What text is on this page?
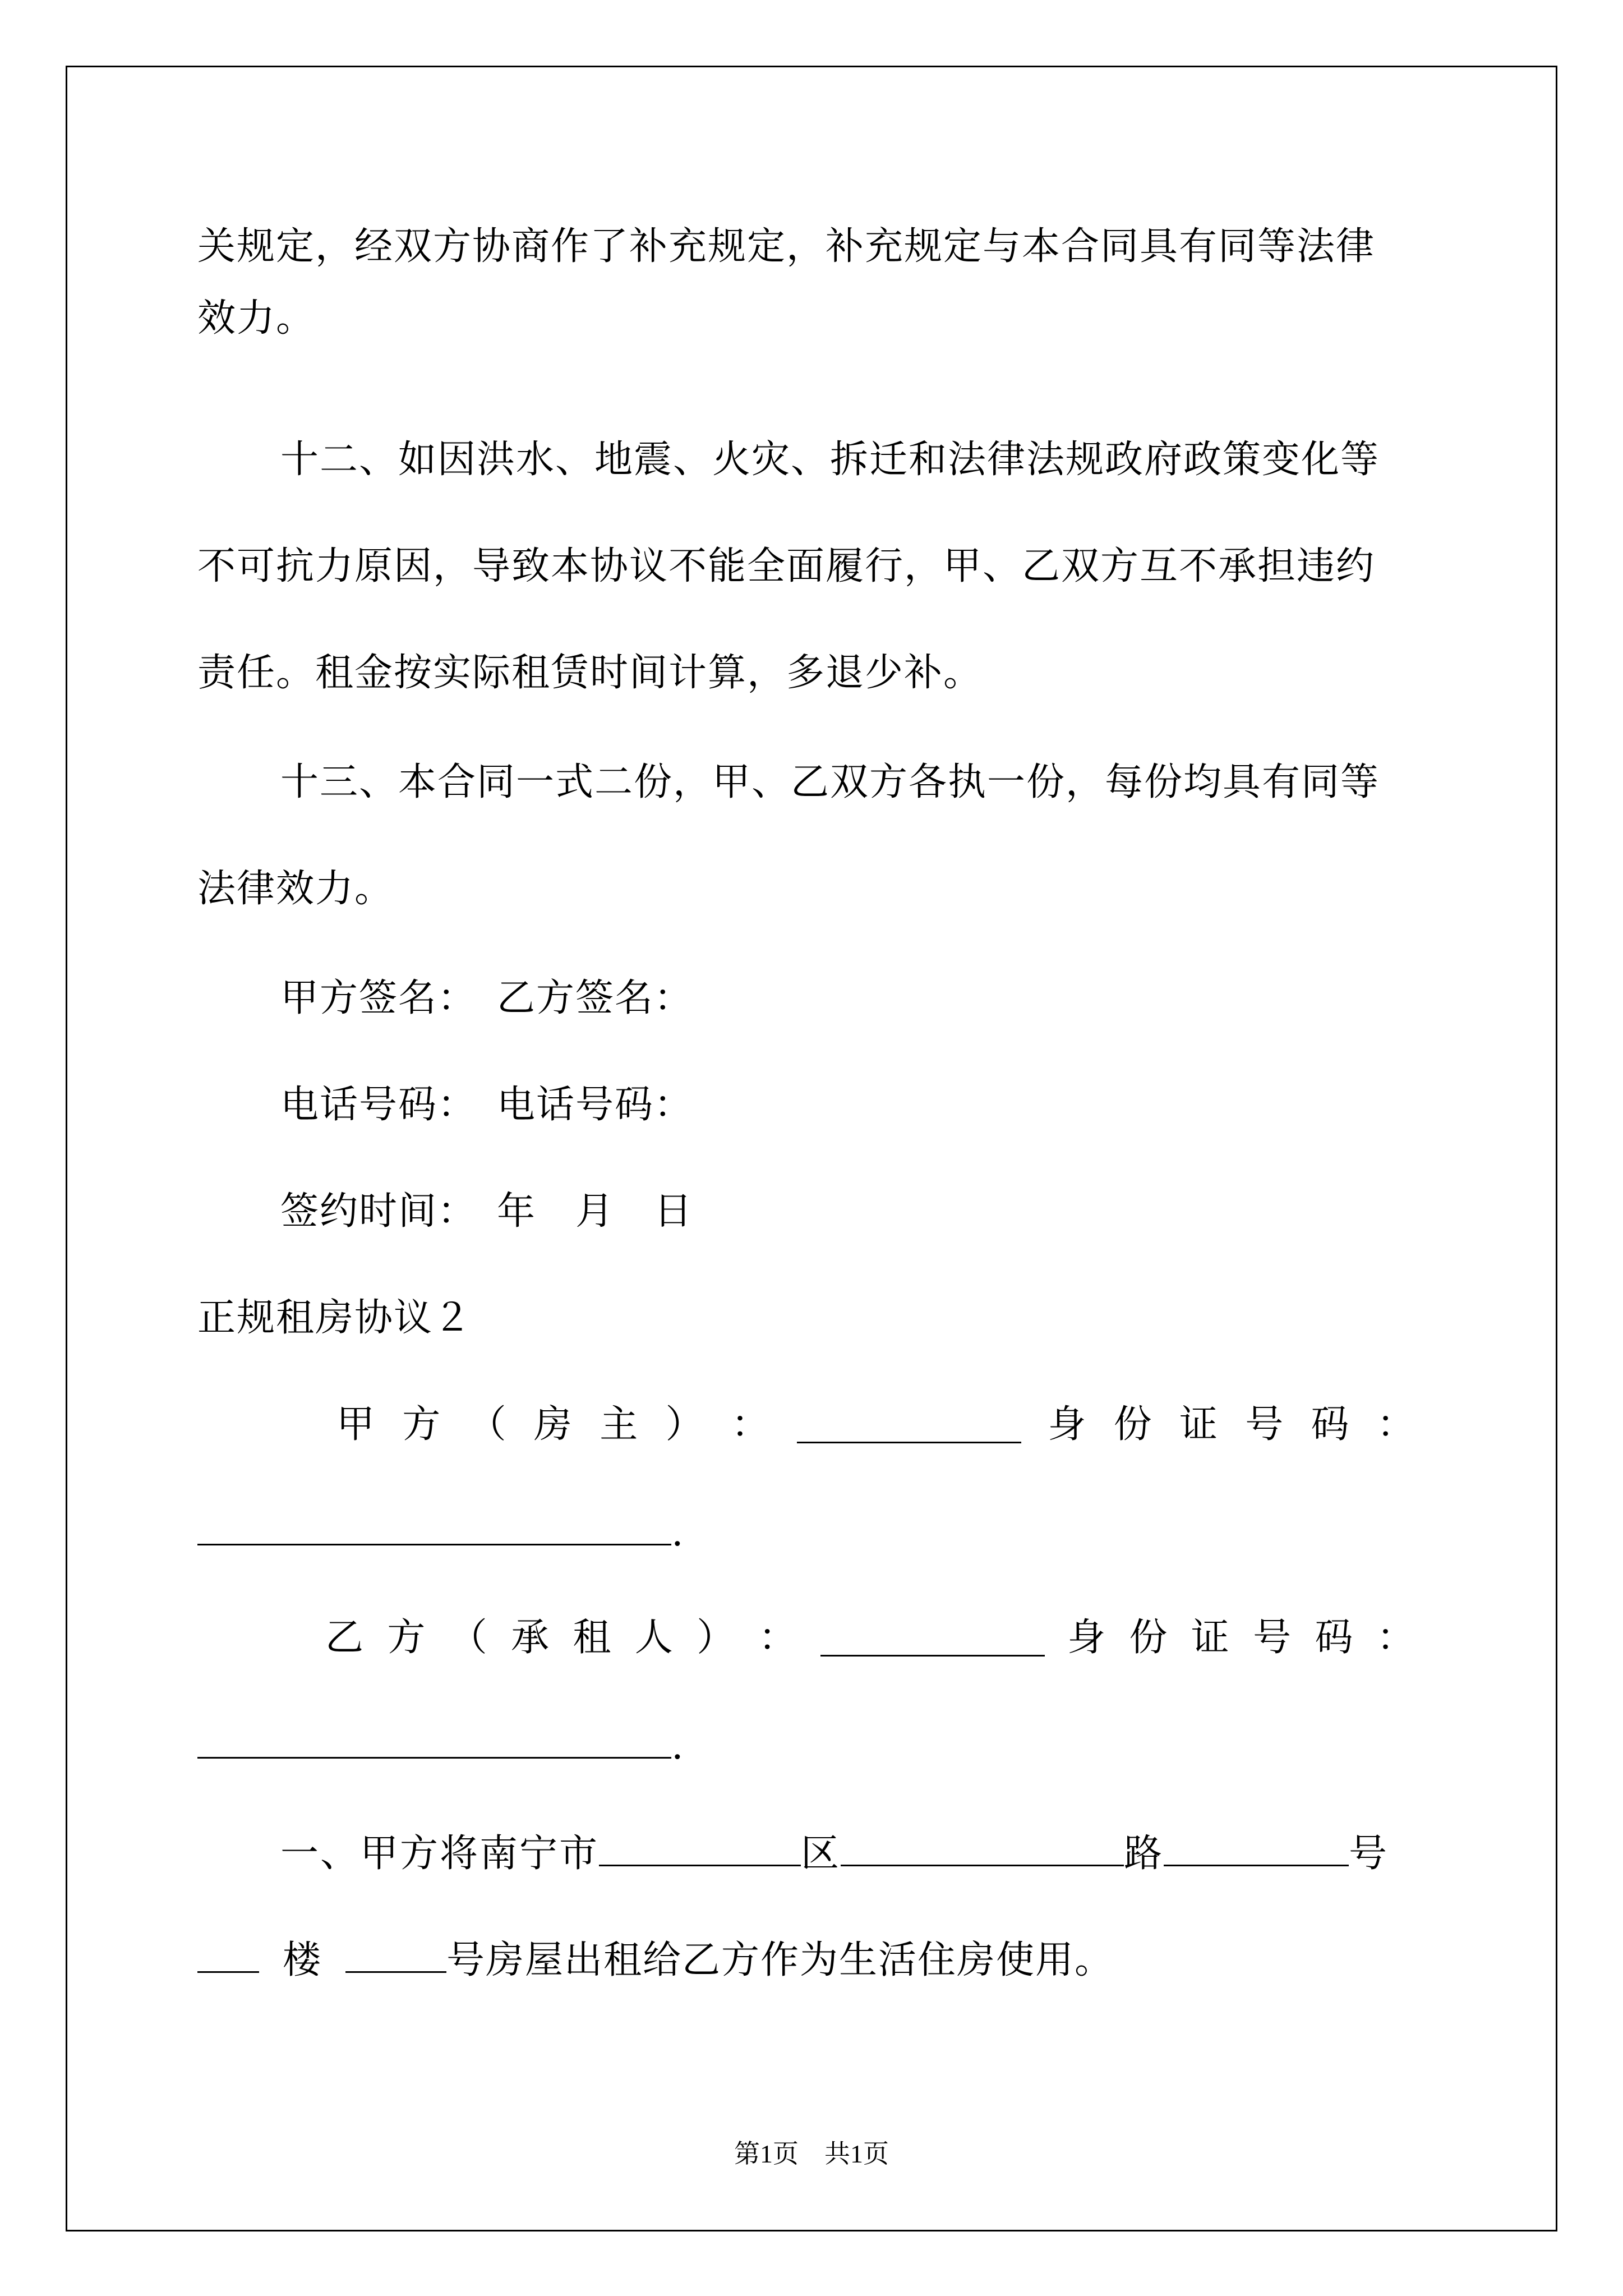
关规定，经双方协商作了补充规定，补充规定与本合同具有同等法律
效力。
十二、如因洪水、地震、火灾、拆迁和法律法规政府政策变化等
不可抗力原因，导致本协议不能全面履行，甲、乙双方互不承担违约
责任。租金按实际租赁时间计算，多退少补。
十三、本合同一式二份，甲、乙双方各执一份，每份均具有同等
法律效力。
甲方签名：　乙方签名：
电话号码：　电话号码：
签约时间：　年　月　日
正规租房协议２
甲 方 （ 房 主 ） ：	身 份 证 号 码 ：
.
乙 方 （ 承 租 人 ） ：	身 份 证 号 码 ：
.
一、甲方将南宁市	区	路	号
楼	号房屋出租给乙方作为生活住房使用。
第1页　共1页
